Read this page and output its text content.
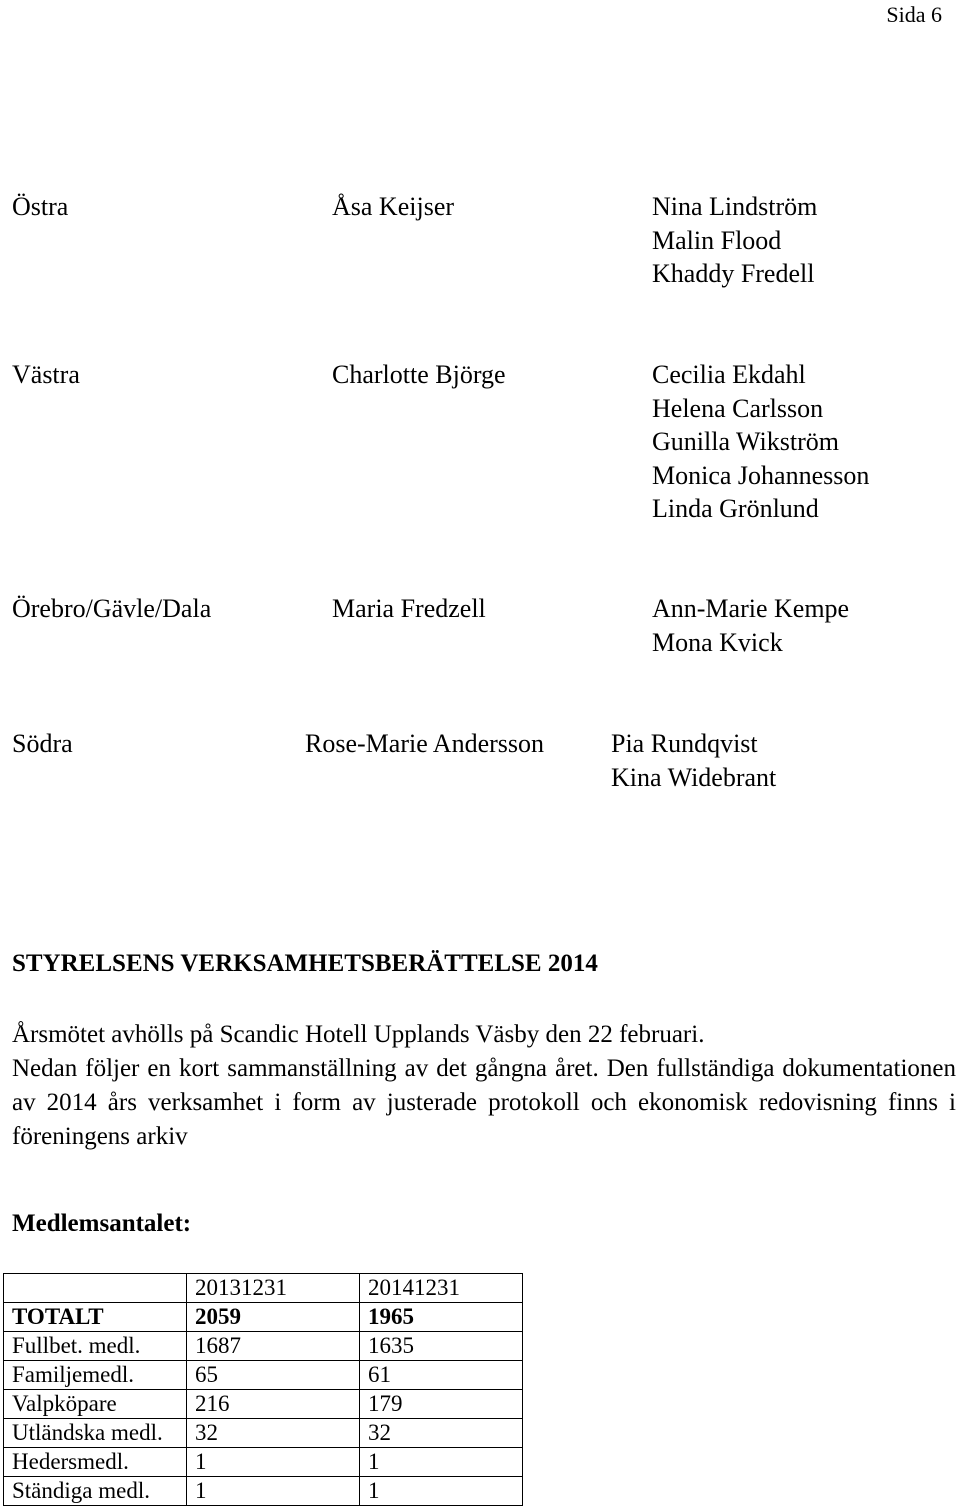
Sida 6
Östra	Åsa Keijser	Nina Lindström
Malin Flood
Khaddy Fredell
Västra	Charlotte Björge	Cecilia Ekdahl
Helena Carlsson
Gunilla Wikström
Monica Johannesson
Linda Grönlund
Örebro/Gävle/Dala	Maria Fredzell	Ann-Marie Kempe
Mona Kvick
Södra	Rose-Marie Andersson	Pia Rundqvist
Kina Widebrant
STYRELSENS VERKSAMHETSBERÄTTELSE 2014
Årsmötet avhölls på Scandic Hotell Upplands Väsby den 22 februari.
Nedan följer en kort sammanställning av det gångna året. Den fullständiga dokumentationen av 2014 års verksamhet i form av justerade protokoll och ekonomisk redovisning finns i föreningens arkiv
Medlemsantalet:
	20131231	20141231
TOTALT	2059	1965
Fullbet. medl.	1687	1635
Familjemedl.	65	61
Valpköpare	216	179
Utländska medl.	32	32
Hedersmedl.	1	1
Ständiga medl.	1	1
